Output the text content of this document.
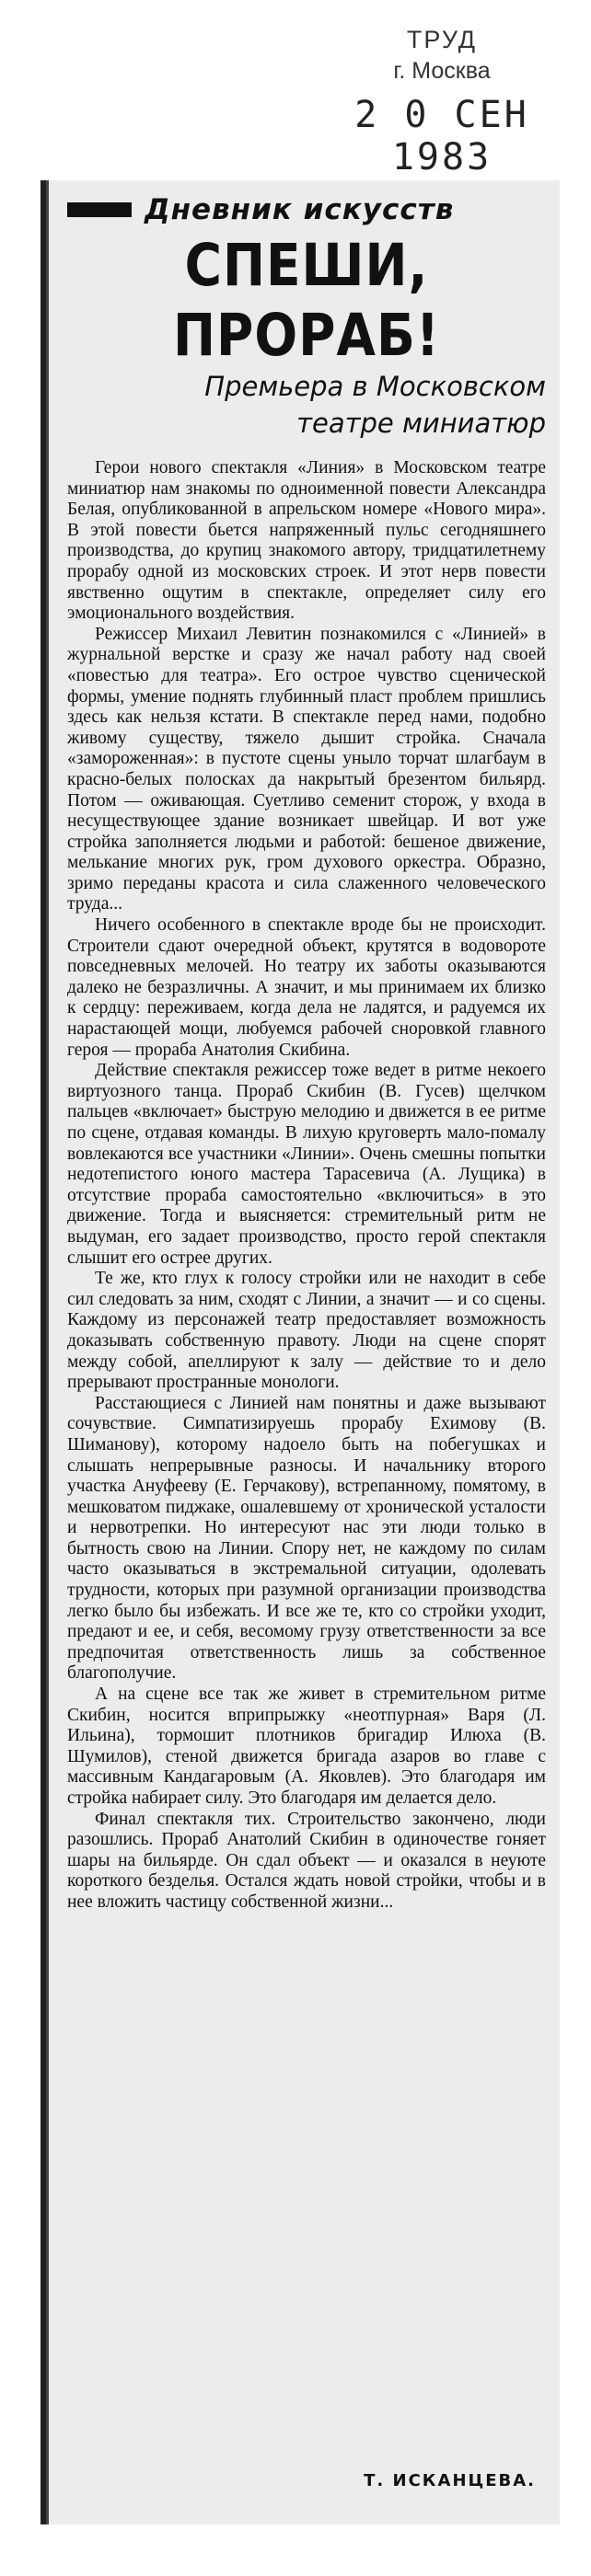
ТРУД
г. Москва
2 0 СЕН 1983
Дневник искусств
СПЕШИ, ПРОРАБ!
Премьера в Московском
театре миниатюр

Герои нового спектакля «Линия» в Московском театре миниатюр нам знакомы по одноименной повести Александра Белая, опубликованной в апрельском номере «Нового мира». В этой повести бьется напряженный пульс сегодняшнего производства, до крупиц знакомого автору, тридцатилетнему прорабу одной из московских строек. И этот нерв повести явственно ощутим в спектакле, определяет силу его эмоционального воздействия.

Режиссер Михаил Левитин познакомился с «Линией» в журнальной верстке и сразу же начал работу над своей «повестью для театра». Его острое чувство сценической формы, умение поднять глубинный пласт проблем пришлись здесь как нельзя кстати. В спектакле перед нами, подобно живому существу, тяжело дышит стройка. Сначала «замороженная»: в пустоте сцены уныло торчат шлагбаум в красно-белых полосках да накрытый брезентом бильярд. Потом — оживающая. Суетливо семенит сторож, у входа в несуществующее здание возникает швейцар. И вот уже стройка заполняется людьми и работой: бешеное движение, мелькание многих рук, гром духового оркестра. Образно, зримо переданы красота и сила слаженного человеческого труда...

Ничего особенного в спектакле вроде бы не происходит. Строители сдают очередной объект, крутятся в водовороте повседневных мелочей. Но театру их заботы оказываются далеко не безразличны. А значит, и мы принимаем их близко к сердцу: переживаем, когда дела не ладятся, и радуемся их нарастающей мощи, любуемся рабочей сноровкой главного героя — прораба Анатолия Скибина.

Действие спектакля режиссер тоже ведет в ритме некоего виртуозного танца. Прораб Скибин (В. Гусев) щелчком пальцев «включает» быструю мелодию и движется в ее ритме по сцене, отдавая команды. В лихую круговерть мало-помалу вовлекаются все участники «Линии». Очень смешны попытки недотепистого юного мастера Тарасевича (А. Лущика) в отсутствие прораба самостоятельно «включиться» в это движение. Тогда и выясняется: стремительный ритм не выдуман, его задает производство, просто герой спектакля слышит его острее других.

Те же, кто глух к голосу стройки или не находит в себе сил следовать за ним, сходят с Линии, а значит — и со сцены. Каждому из персонажей театр предоставляет возможность доказывать собственную правоту. Люди на сцене спорят между собой, апеллируют к залу — действие то и дело прерывают пространные монологи.

Расстающиеся с Линией нам понятны и даже вызывают сочувствие. Симпатизируешь прорабу Ехимову (В. Шиманову), которому надоело быть на побегушках и слышать непрерывные разносы. И начальнику второго участка Ануфееву (Е. Герчакову), встрепанному, помятому, в мешковатом пиджаке, ошалевшему от хронической усталости и нервотрепки. Но интересуют нас эти люди только в бытность свою на Линии. Спору нет, не каждому по силам часто оказываться в экстремальной ситуации, одолевать трудности, которых при разумной организации производства легко было бы избежать. И все же те, кто со стройки уходит, предают и ее, и себя, весомому грузу ответственности за все предпочитая ответственность лишь за собственное благополучие.

А на сцене все так же живет в стремительном ритме Скибин, носится вприпрыжку «неотпурная» Варя (Л. Ильина), тормошит плотников бригадир Илюха (В. Шумилов), стеной движется бригада азаров во главе с массивным Кандагаровым (А. Яковлев). Это благодаря им стройка набирает силу. Это благодаря им делается дело.

Финал спектакля тих. Строительство закончено, люди разошлись. Прораб Анатолий Скибин в одиночестве гоняет шары на бильярде. Он сдал объект — и оказался в неуюте короткого безделья. Остался ждать новой стройки, чтобы и в нее вложить частицу собственной жизни...

Т. ИСКАНЦЕВА.
